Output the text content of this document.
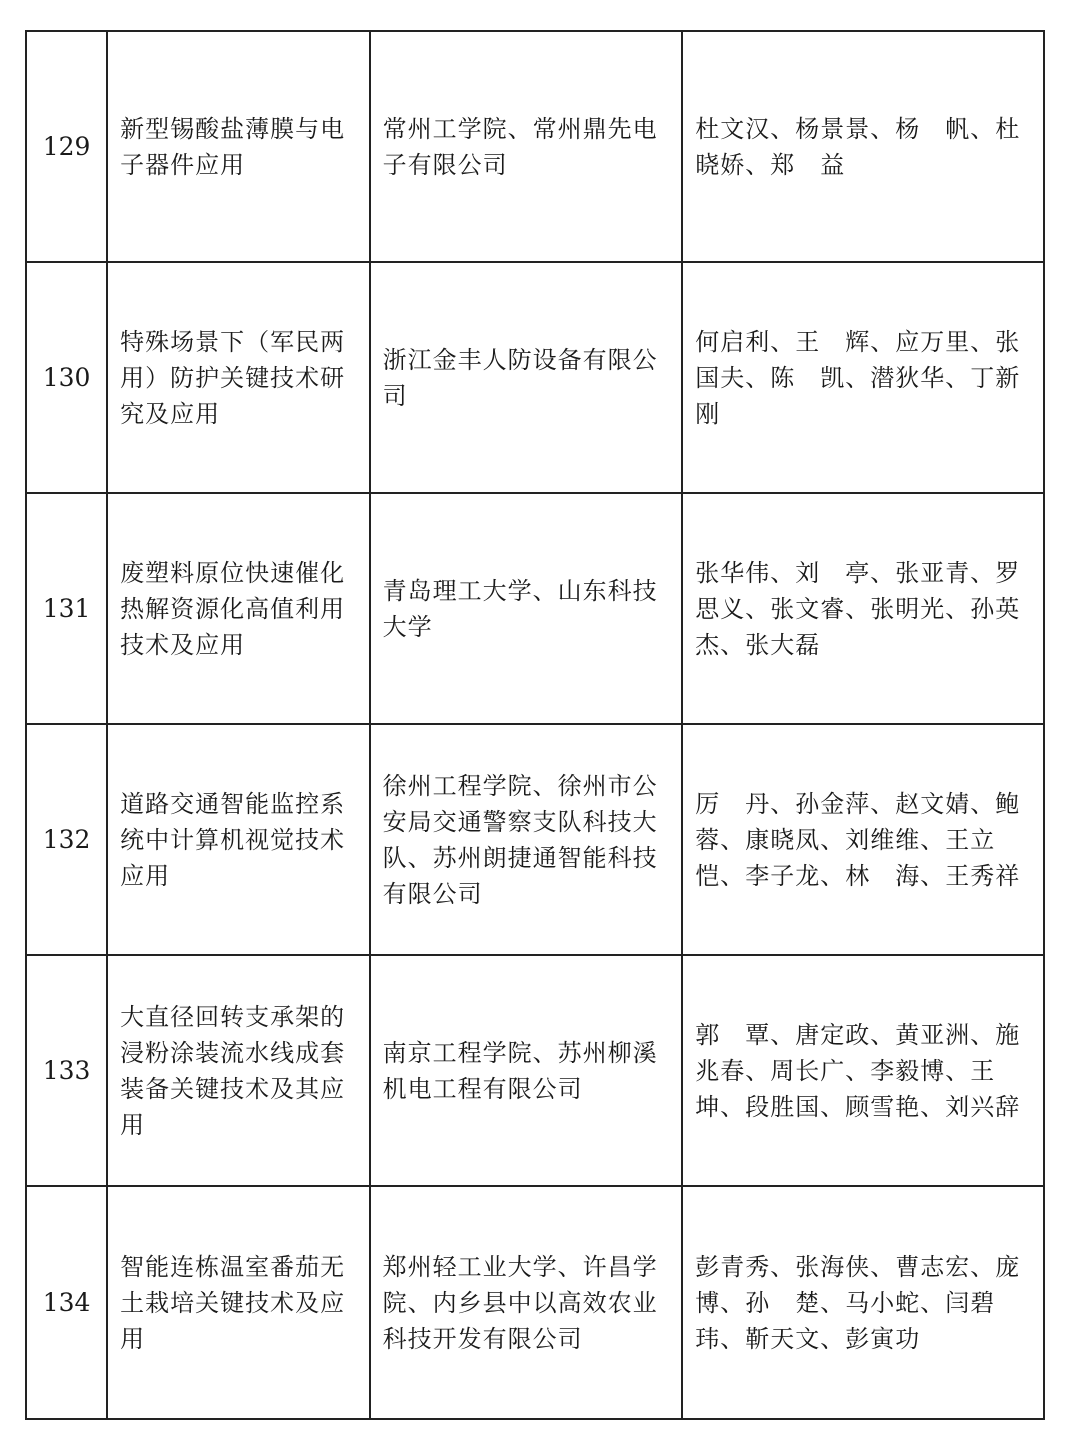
129	新型锡酸盐薄膜与电子器件应用	常州工学院、常州鼎先电子有限公司	杜文汉、杨景景、杨　帆、杜晓娇、郑　益
130	特殊场景下（军民两用）防护关键技术研究及应用	浙江金丰人防设备有限公司	何启利、王　辉、应万里、张国夫、陈　凯、潜狄华、丁新刚
131	废塑料原位快速催化热解资源化高值利用技术及应用	青岛理工大学、山东科技大学	张华伟、刘　亭、张亚青、罗思义、张文睿、张明光、孙英杰、张大磊
132	道路交通智能监控系统中计算机视觉技术应用	徐州工程学院、徐州市公安局交通警察支队科技大队、苏州朗捷通智能科技有限公司	厉　丹、孙金萍、赵文婧、鲍蓉、康晓凤、刘维维、王立恺、李子龙、林　海、王秀祥
133	大直径回转支承架的浸粉涂装流水线成套装备关键技术及其应用	南京工程学院、苏州柳溪机电工程有限公司	郭　覃、唐定政、黄亚洲、施兆春、周长广、李毅博、王　坤、段胜国、顾雪艳、刘兴辞
134	智能连栋温室番茄无土栽培关键技术及应用	郑州轻工业大学、许昌学院、内乡县中以高效农业科技开发有限公司	彭青秀、张海侠、曹志宏、庞博、孙　楚、马小蛇、闫碧玮、靳天文、彭寅功
